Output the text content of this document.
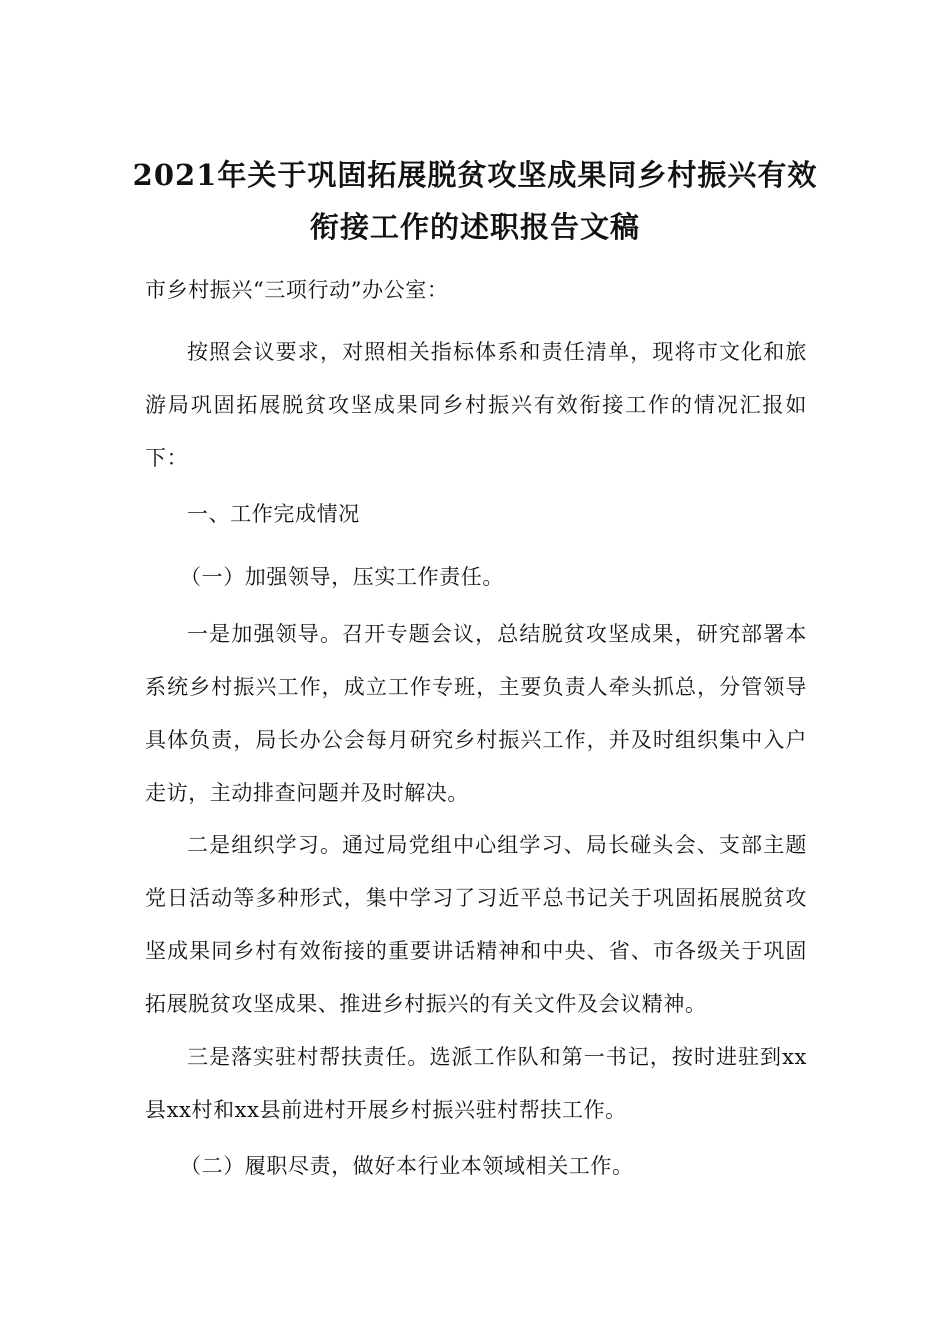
2021年关于巩固拓展脱贫攻坚成果同乡村振兴有效
衔接工作的述职报告文稿
市乡村振兴“三项行动”办公室：
按照会议要求，对照相关指标体系和责任清单，现将市文化和旅游局巩固拓展脱贫攻坚成果同乡村振兴有效衔接工作的情况汇报如下：
一、工作完成情况
（一）加强领导，压实工作责任。
一是加强领导。召开专题会议，总结脱贫攻坚成果，研究部署本系统乡村振兴工作，成立工作专班，主要负责人牵头抓总，分管领导具体负责，局长办公会每月研究乡村振兴工作，并及时组织集中入户走访，主动排查问题并及时解决。
二是组织学习。通过局党组中心组学习、局长碰头会、支部主题党日活动等多种形式，集中学习了习近平总书记关于巩固拓展脱贫攻坚成果同乡村有效衔接的重要讲话精神和中央、省、市各级关于巩固拓展脱贫攻坚成果、推进乡村振兴的有关文件及会议精神。
三是落实驻村帮扶责任。选派工作队和第一书记，按时进驻到xx县xx村和xx县前进村开展乡村振兴驻村帮扶工作。
（二）履职尽责，做好本行业本领域相关工作。
